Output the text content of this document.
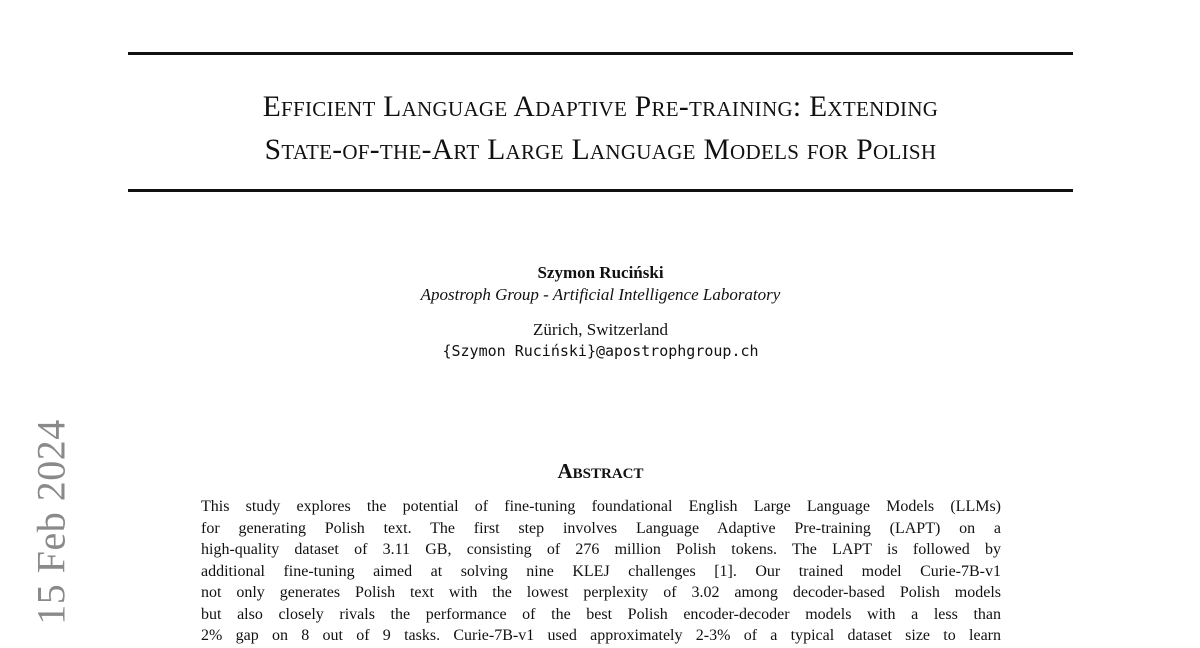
Efficient Language Adaptive Pre-training: Extending
State-of-the-Art Large Language Models for Polish
Szymon Ruciński
Apostroph Group - Artificial Intelligence Laboratory
Zürich, Switzerland
{Szymon Ruciński}@apostrophgroup.ch
15 Feb 2024	Abstract
This study explores the potential of fine-tuning foundational English Large Language Models (LLMs)
for generating Polish text. The first step involves Language Adaptive Pre-training (LAPT) on a
high-quality dataset of 3.11 GB, consisting of 276 million Polish tokens. The LAPT is followed by
additional fine-tuning aimed at solving nine KLEJ challenges [1]. Our trained model Curie-7B-v1
not only generates Polish text with the lowest perplexity of 3.02 among decoder-based Polish models
but also closely rivals the performance of the best Polish encoder-decoder models with a less than
2% gap on 8 out of 9 tasks. Curie-7B-v1 used approximately 2-3% of a typical dataset size to learn
